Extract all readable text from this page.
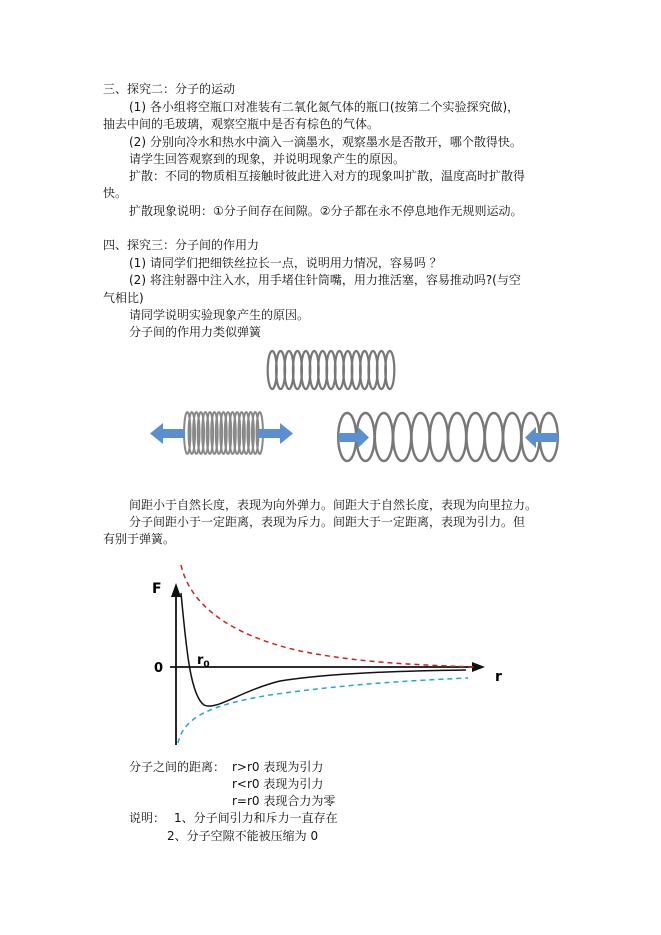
三、探究二：分子的运动
(1) 各小组将空瓶口对准装有二氧化氮气体的瓶口(按第二个实验探究做)，
抽去中间的毛玻璃，观察空瓶中是否有棕色的气体。
(2) 分别向冷水和热水中滴入一滴墨水，观察墨水是否散开，哪个散得快。
请学生回答观察到的现象，并说明现象产生的原因。
扩散：不同的物质相互接触时彼此进入对方的现象叫扩散，温度高时扩散得
快。
扩散现象说明：①分子间存在间隙。②分子都在永不停息地作无规则运动。
四、探究三：分子间的作用力
(1) 请同学们把细铁丝拉长一点，说明用力情况，容易吗 ？
(2) 将注射器中注入水，用手堵住针筒嘴，用力推活塞，容易推动吗?(与空
气相比)
请同学说明实验现象产生的原因。
分子间的作用力类似弹簧
间距小于自然长度，表现为向外弹力。间距大于自然长度，表现为向里拉力。
分子间距小于一定距离，表现为斥力。间距大于一定距离，表现为引力。但
有别于弹簧。
F
0
r
$r_0$
分子之间的距离： r>r0 表现为引力
r<r0 表现为引力
r=r0 表现合力为零
说明： 1、分子间引力和斥力一直存在
2、分子空隙不能被压缩为 0
